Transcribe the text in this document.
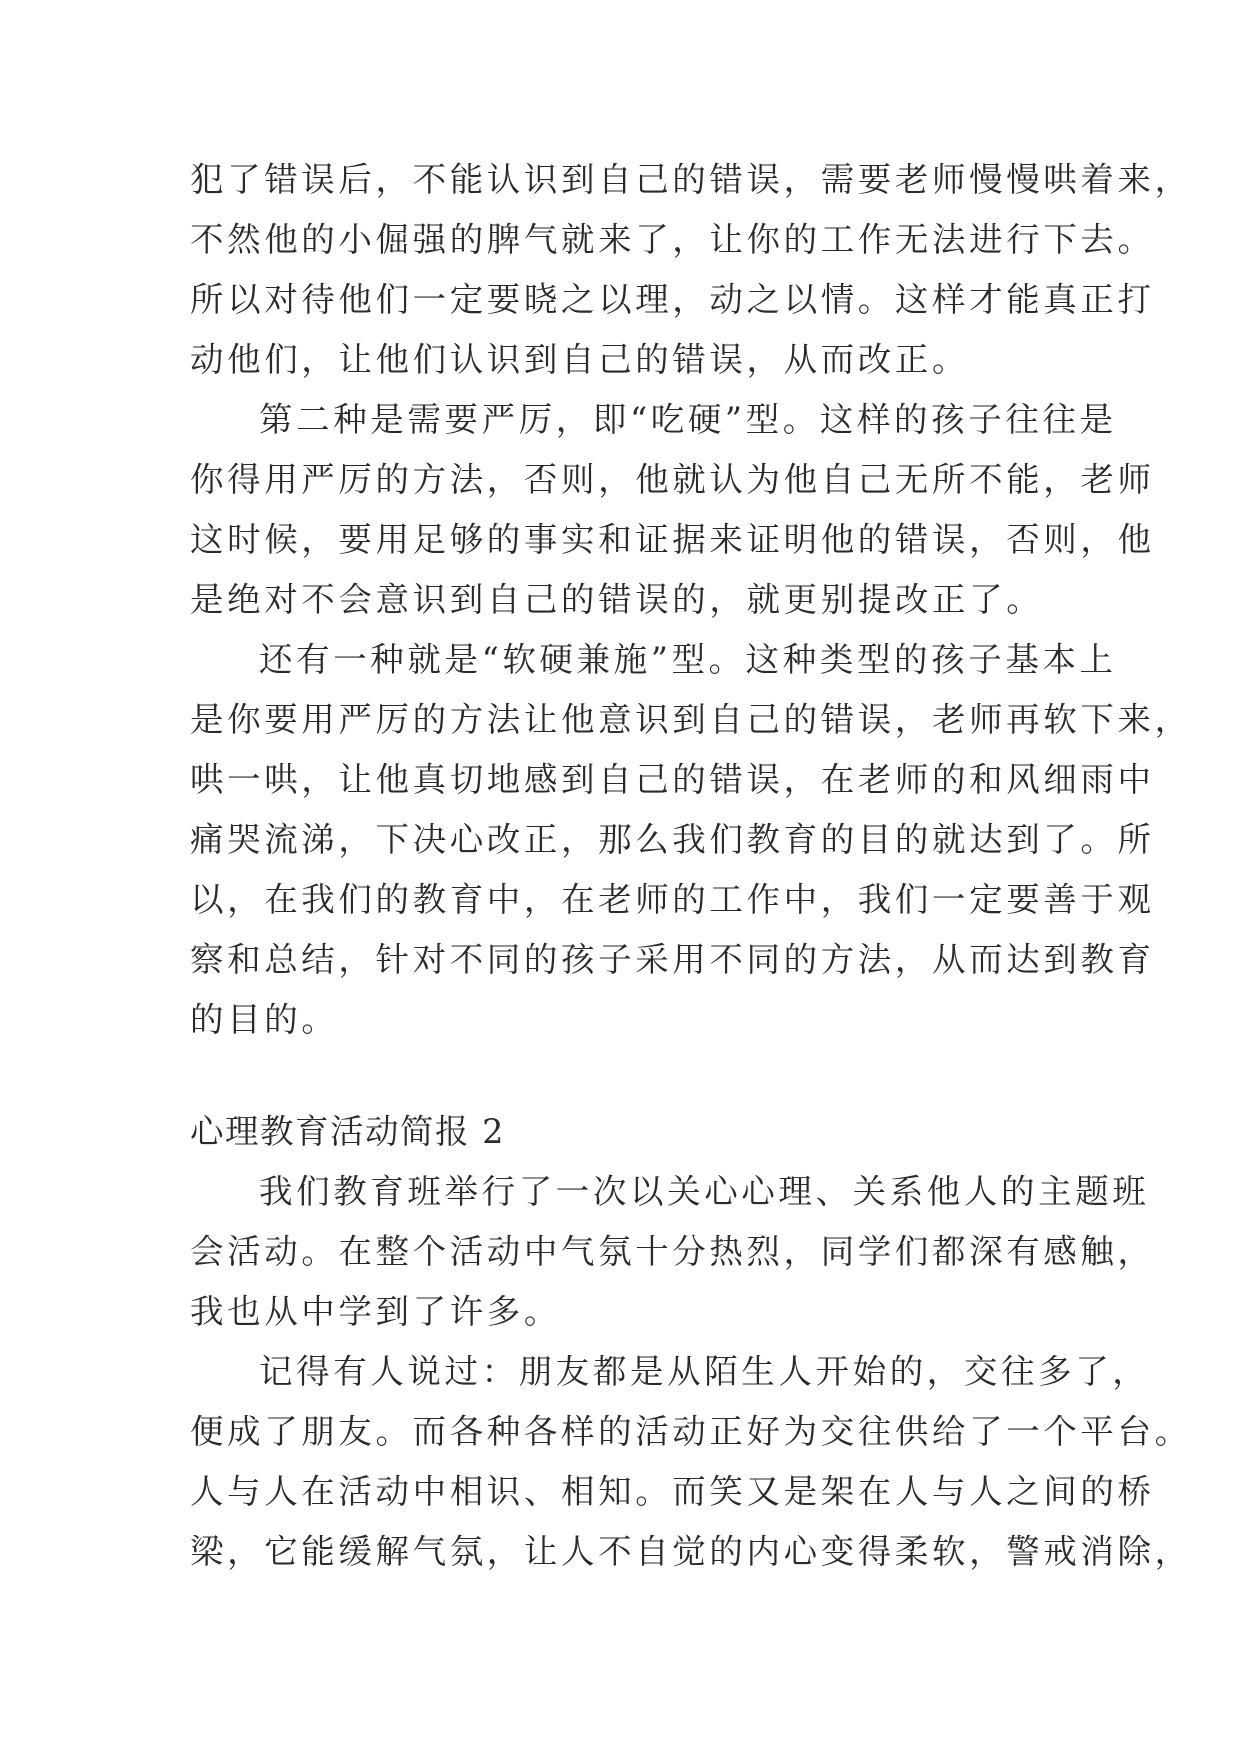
犯了错误后，不能认识到自己的错误，需要老师慢慢哄着来，
不然他的小倔强的脾气就来了，让你的工作无法进行下去。
所以对待他们一定要晓之以理，动之以情。这样才能真正打
动他们，让他们认识到自己的错误，从而改正。
第二种是需要严厉，即“吃硬”型。这样的孩子往往是
你得用严厉的方法，否则，他就认为他自己无所不能，老师
这时候，要用足够的事实和证据来证明他的错误，否则，他
是绝对不会意识到自己的错误的，就更别提改正了。
还有一种就是“软硬兼施”型。这种类型的孩子基本上
是你要用严厉的方法让他意识到自己的错误，老师再软下来，
哄一哄，让他真切地感到自己的错误，在老师的和风细雨中
痛哭流涕，下决心改正，那么我们教育的目的就达到了。所
以，在我们的教育中，在老师的工作中，我们一定要善于观
察和总结，针对不同的孩子采用不同的方法，从而达到教育
的目的。
心理教育活动简报 2
我们教育班举行了一次以关心心理、关系他人的主题班
会活动。在整个活动中气氛十分热烈，同学们都深有感触，
我也从中学到了许多。
记得有人说过：朋友都是从陌生人开始的，交往多了，
便成了朋友。而各种各样的活动正好为交往供给了一个平台。
人与人在活动中相识、相知。而笑又是架在人与人之间的桥
梁，它能缓解气氛，让人不自觉的内心变得柔软，警戒消除，
